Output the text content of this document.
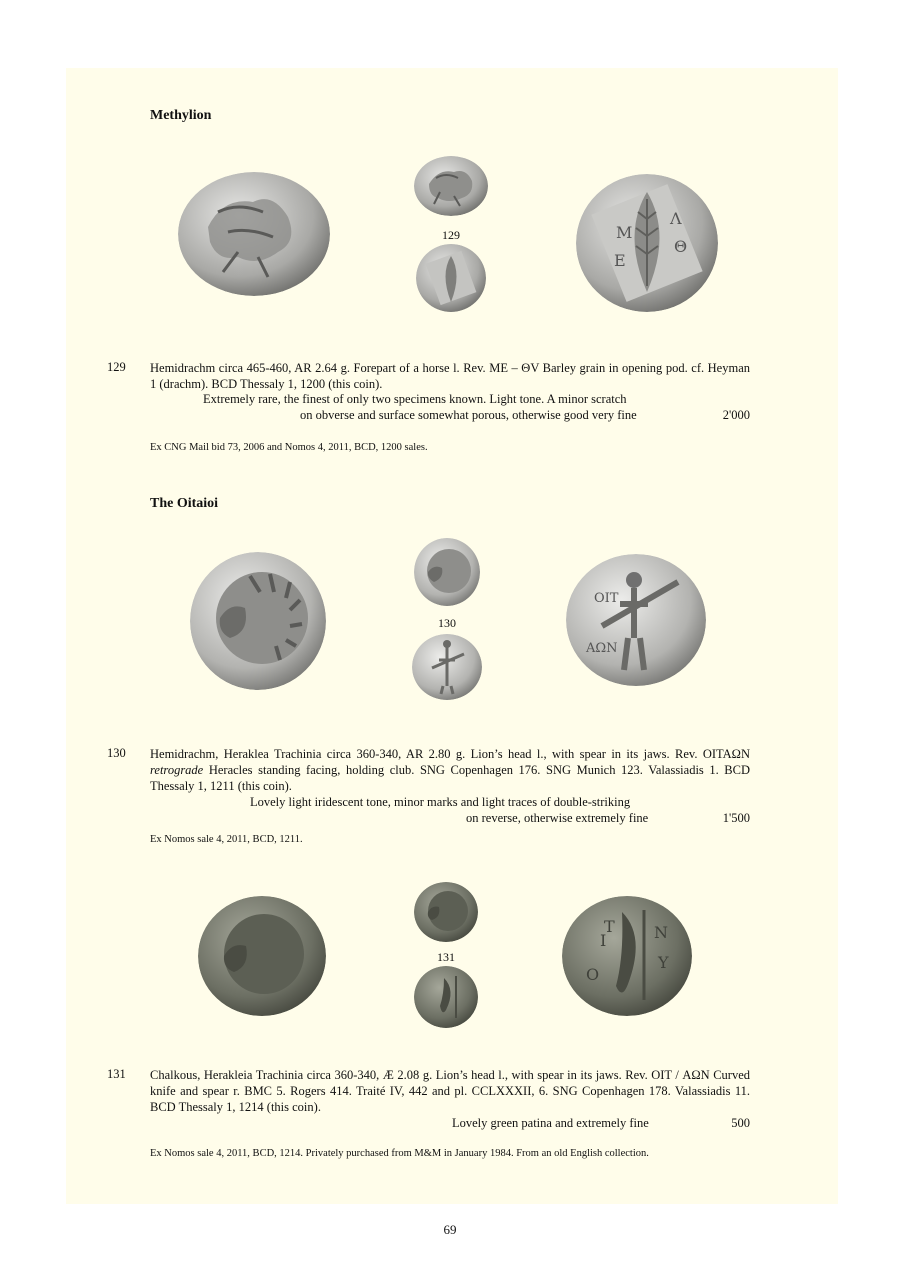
Methylion
129	Μ
Ε
Λ
Θ
129 Hemidrachm circa 465-460, AR 2.64 g. Forepart of a horse l. Rev. ME – ΘV Barley grain in opening pod. cf. Heyman 1 (drachm). BCD Thessaly 1, 1200 (this coin).
Extremely rare, the finest of only two specimens known. Light tone. A minor scratch
on obverse and surface somewhat porous, otherwise good very fine	2'000
Ex CNG Mail bid 73, 2006 and Nomos 4, 2011, BCD, 1200 sales.
The Oitaioi
130
ΟΙΤ
ΑΩΝ
130 Hemidrachm, Heraklea Trachinia circa 360-340, AR 2.80 g. Lion’s head l., with spear in its jaws. Rev. ΟΙΤΑΩΝ retrograde Heracles standing facing, holding club. SNG Copenhagen 176. SNG Munich 123. Valassiadis 1. BCD Thessaly 1, 1211 (this coin).
Lovely light iridescent tone, minor marks and light traces of double-striking
on reverse, otherwise extremely fine	1'500
Ex Nomos sale 4, 2011, BCD, 1211.
131
Ο
Ι
Τ Ν
Υ
131 Chalkous, Herakleia Trachinia circa 360-340, Æ 2.08 g. Lion’s head l., with spear in its jaws. Rev. OIT / ΑΩΝ Curved knife and spear r. BMC 5. Rogers 414. Traité IV, 442 and pl. CCLXXXII, 6. SNG Copenhagen 178. Valassiadis 11. BCD Thessaly 1, 1214 (this coin).
Lovely green patina and extremely fine	500
Ex Nomos sale 4, 2011, BCD, 1214. Privately purchased from M&M in January 1984. From an old English collection.
69
